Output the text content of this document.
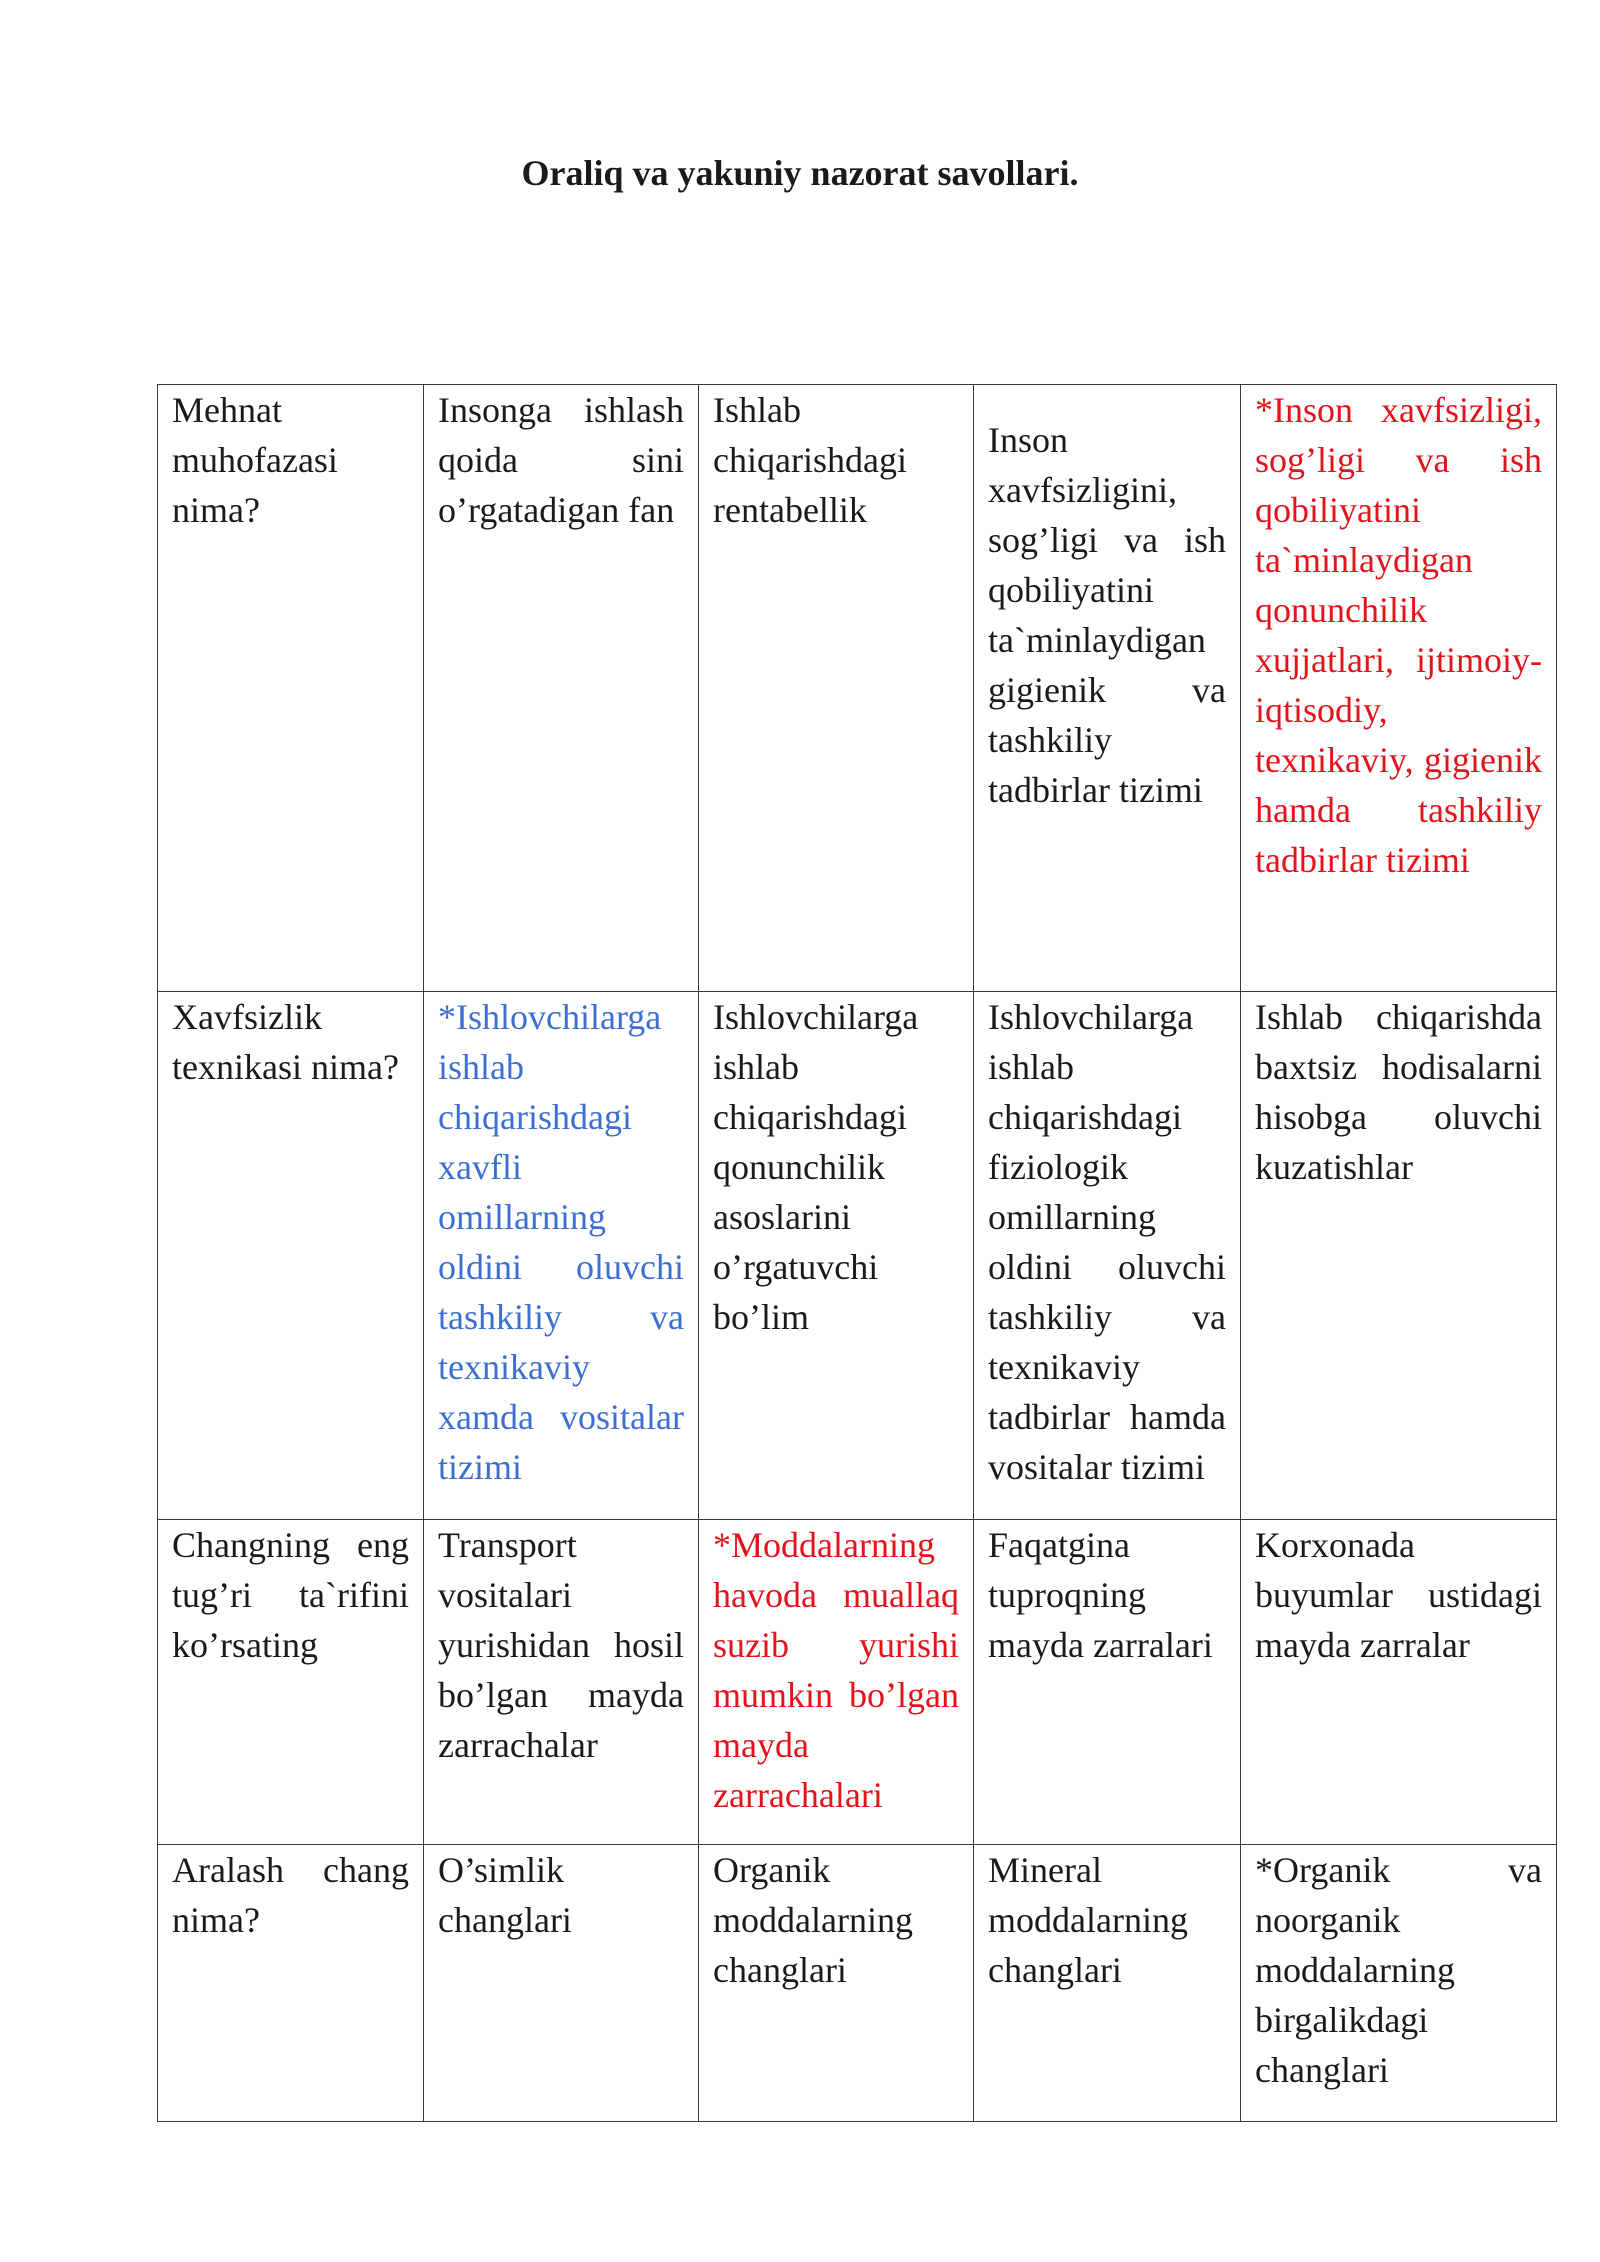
Oraliq va yakuniy nazorat savollari.
Mehnat muhofazasi nima?	Insonga ishlash qoida sini o’rgatadigan fan	Ishlab chiqarishdagi rentabellik	Inson xavfsizligini, sog’ligi va ish qobiliyatini ta`minlaydigan gigienik va tashkiliy tadbirlar tizimi	*Inson xavfsizligi, sog’ligi va ish qobiliyatini ta`minlaydigan qonunchilik xujjatlari, ijtimoiy-iqtisodiy, texnikaviy, gigienik hamda tashkiliy tadbirlar tizimi

Xavfsizlik texnikasi nima?	*Ishlovchilarga ishlab chiqarishdagi xavfli omillarning oldini oluvchi tashkiliy va texnikaviy xamda vositalar tizimi	Ishlovchilarga ishlab chiqarishdagi qonunchilik asoslarini o’rgatuvchi bo’lim	Ishlovchilarga ishlab chiqarishdagi fiziologik omillarning oldini oluvchi tashkiliy va texnikaviy tadbirlar hamda vositalar tizimi	Ishlab chiqarishda baxtsiz hodisalarni hisobga oluvchi kuzatishlar

Changning eng tug’ri ta`rifini ko’rsating	Transport vositalari yurishidan hosil bo’lgan mayda zarrachalar	*Moddalarning havoda muallaq suzib yurishi mumkin bo’lgan mayda zarrachalari	Faqatgina tuproqning mayda zarralari	Korxonada buyumlar ustidagi mayda zarralar

Aralash chang nima?	O’simlik changlari	Organik moddalarning changlari	Mineral moddalarning changlari	*Organik va noorganik moddalarning birgalikdagi changlari
